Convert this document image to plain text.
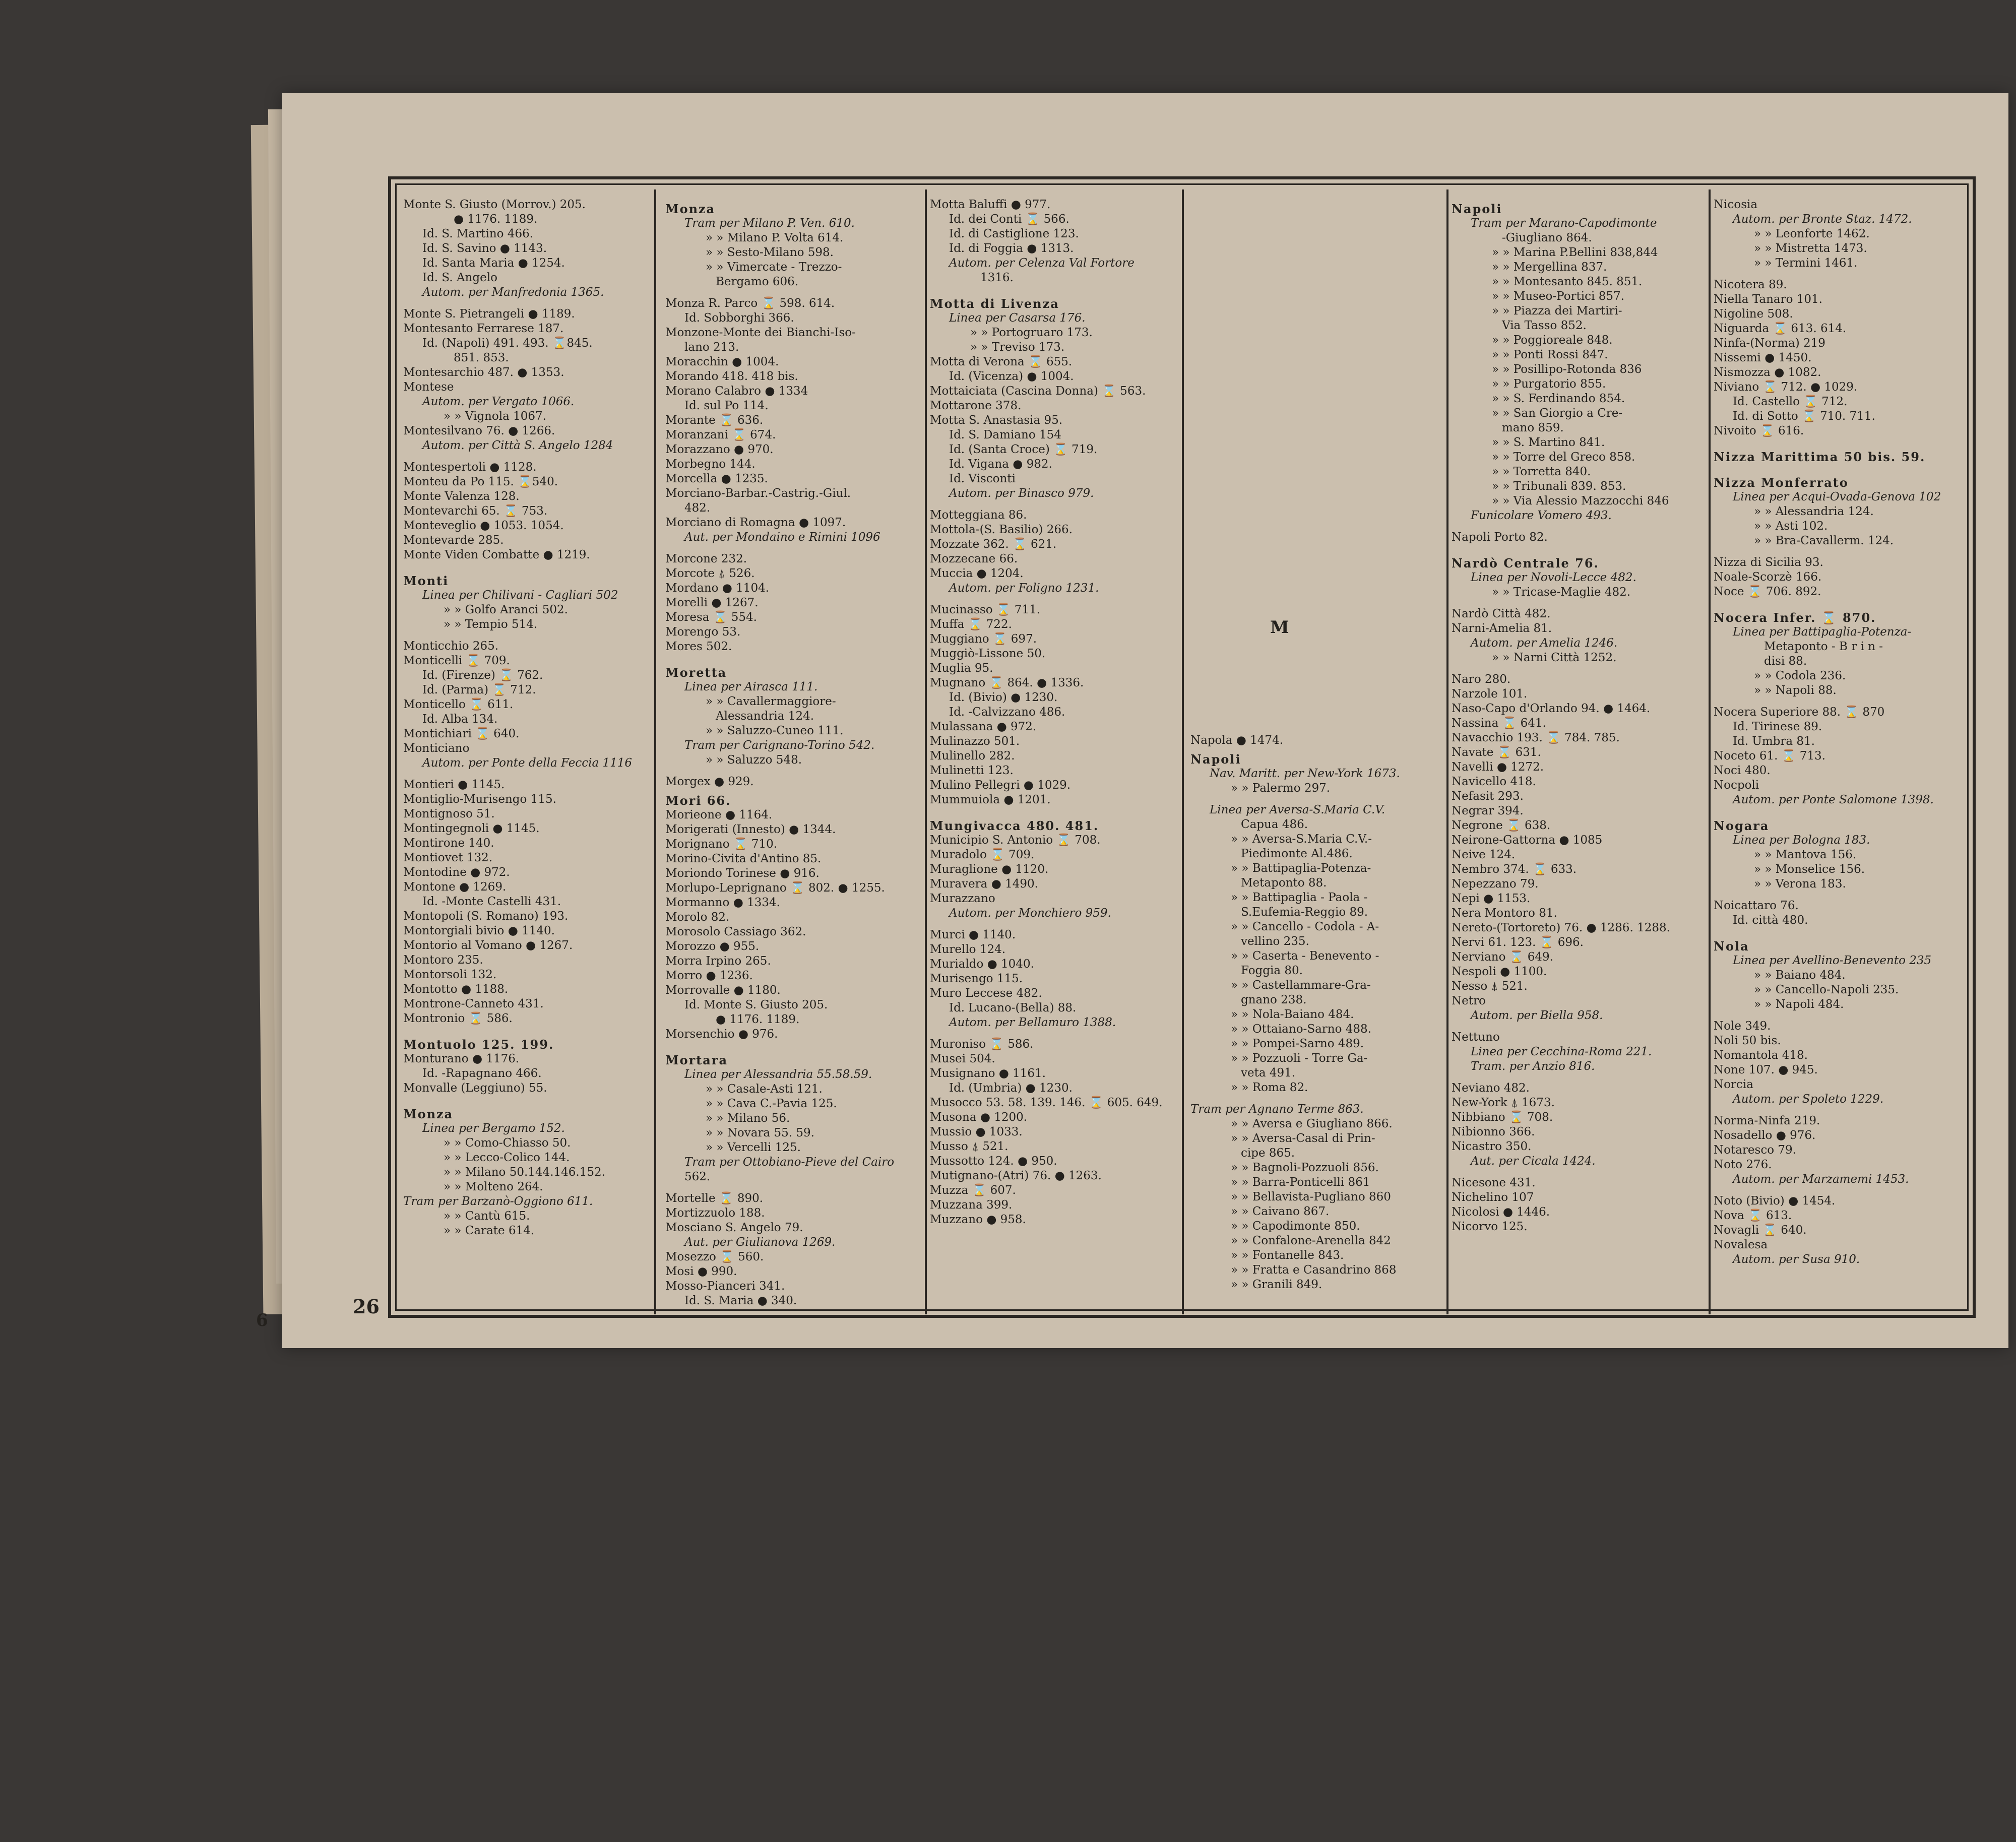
Monte S. Giusto (Morrov.) 205.
● 1176. 1189.
Id. S. Martino 466.
Id. S. Savino ● 1143.
Id. Santa Maria ● 1254.
Id. S. Angelo
Autom. per Manfredonia 1365.
Monte S. Pietrangeli ● 1189.
Montesanto Ferrarese 187.
Id. (Napoli) 491. 493. ⌛845.
851. 853.
Montesarchio 487. ● 1353.
Montese
Autom. per Vergato 1066.
» » Vignola 1067.
Montesilvano 76. ● 1266.
Autom. per Città S. Angelo 1284
Montespertoli ● 1128.
Monteu da Po 115. ⌛540.
Monte Valenza 128.
Montevarchi 65. ⌛ 753.
Monteveglio ● 1053. 1054.
Montevarde 285.
Monte Viden Combatte ● 1219.
Monti
Linea per Chilivani - Cagliari 502
» » Golfo Aranci 502.
» » Tempio 514.
Monticchio 265.
Monticelli ⌛ 709.
Id. (Firenze) ⌛ 762.
Id. (Parma) ⌛ 712.
Monticello ⌛ 611.
Id. Alba 134.
Montichiari ⌛ 640.
Monticiano
Autom. per Ponte della Feccia 1116
Montieri ● 1145.
Montiglio-Murisengo 115.
Montignoso 51.
Montingegnoli ● 1145.
Montirone 140.
Montiovet 132.
Montodine ● 972.
Montone ● 1269.
Id. -Monte Castelli 431.
Montopoli (S. Romano) 193.
Montorgiali bivio ● 1140.
Montorio al Vomano ● 1267.
Montoro 235.
Montorsoli 132.
Montotto ● 1188.
Montrone-Canneto 431.
Montronio ⌛ 586.
Montuolo 125. 199.
Monturano ● 1176.
Id. -Rapagnano 466.
Monvalle (Leggiuno) 55.
Monza
Linea per Bergamo 152.
» » Como-Chiasso 50.
» » Lecco-Colico 144.
» » Milano 50.144.146.152.
» » Molteno 264.
Tram per Barzanò-Oggiono 611.
» » Cantù 615.
» » Carate 614.
Monza
Tram per Milano P. Ven. 610.
» » Milano P. Volta 614.
» » Sesto-Milano 598.
» » Vimercate - Trezzo-
Bergamo 606.
Monza R. Parco ⌛ 598. 614.
Id. Sobborghi 366.
Monzone-Monte dei Bianchi-Iso-
lano 213.
Moracchin ● 1004.
Morando 418. 418 bis.
Morano Calabro ● 1334
Id. sul Po 114.
Morante ⌛ 636.
Moranzani ⌛ 674.
Morazzano ● 970.
Morbegno 144.
Morcella ● 1235.
Morciano-Barbar.-Castrig.-Giul.
482.
Morciano di Romagna ● 1097.
Aut. per Mondaino e Rimini 1096
Morcone 232.
Morcote ⍋ 526.
Mordano ● 1104.
Morelli ● 1267.
Moresa ⌛ 554.
Morengo 53.
Mores 502.
Moretta
Linea per Airasca 111.
» » Cavallermaggiore-
Alessandria 124.
» » Saluzzo-Cuneo 111.
Tram per Carignano-Torino 542.
» » Saluzzo 548.
Morgex ● 929.
Mori 66.
Morieone ● 1164.
Morigerati (Innesto) ● 1344.
Morignano ⌛ 710.
Morino-Civita d'Antino 85.
Moriondo Torinese ● 916.
Morlupo-Leprignano ⌛ 802. ● 1255.
Mormanno ● 1334.
Morolo 82.
Morosolo Cassiago 362.
Morozzo ● 955.
Morra Irpino 265.
Morro ● 1236.
Morrovalle ● 1180.
Id. Monte S. Giusto 205.
● 1176. 1189.
Morsenchio ● 976.
Mortara
Linea per Alessandria 55.58.59.
» » Casale-Asti 121.
» » Cava C.-Pavia 125.
» » Milano 56.
» » Novara 55. 59.
» » Vercelli 125.
Tram per Ottobiano-Pieve del Cairo
562.
Mortelle ⌛ 890.
Mortizzuolo 188.
Mosciano S. Angelo 79.
Aut. per Giulianova 1269.
Mosezzo ⌛ 560.
Mosi ● 990.
Mosso-Pianceri 341.
Id. S. Maria ● 340.
Motta Baluffi ● 977.
Id. dei Conti ⌛ 566.
Id. di Castiglione 123.
Id. di Foggia ● 1313.
Autom. per Celenza Val Fortore
1316.
Motta di Livenza
Linea per Casarsa 176.
» » Portogruaro 173.
» » Treviso 173.
Motta di Verona ⌛ 655.
Id. (Vicenza) ● 1004.
Mottaiciata (Cascina Donna) ⌛ 563.
Mottarone 378.
Motta S. Anastasia 95.
Id. S. Damiano 154
Id. (Santa Croce) ⌛ 719.
Id. Vigana ● 982.
Id. Visconti
Autom. per Binasco 979.
Motteggiana 86.
Mottola-(S. Basilio) 266.
Mozzate 362. ⌛ 621.
Mozzecane 66.
Muccia ● 1204.
Autom. per Foligno 1231.
Mucinasso ⌛ 711.
Muffa ⌛ 722.
Muggiano ⌛ 697.
Muggiò-Lissone 50.
Muglia 95.
Mugnano ⌛ 864. ● 1336.
Id. (Bivio) ● 1230.
Id. -Calvizzano 486.
Mulassana ● 972.
Mulinazzo 501.
Mulinello 282.
Mulinetti 123.
Mulino Pellegri ● 1029.
Mummuiola ● 1201.
Mungivacca 480. 481.
Municipio S. Antonio ⌛ 708.
Muradolo ⌛ 709.
Muraglione ● 1120.
Muravera ● 1490.
Murazzano
Autom. per Monchiero 959.
Murci ● 1140.
Murello 124.
Murialdo ● 1040.
Murisengo 115.
Muro Leccese 482.
Id. Lucano-(Bella) 88.
Autom. per Bellamuro 1388.
Muroniso ⌛ 586.
Musei 504.
Musignano ● 1161.
Id. (Umbria) ● 1230.
Musocco 53. 58. 139. 146. ⌛ 605. 649.
Musona ● 1200.
Mussio ● 1033.
Musso ⍋ 521.
Mussotto 124. ● 950.
Mutignano-(Atri) 76. ● 1263.
Muzza ⌛ 607.
Muzzana 399.
Muzzano ● 958.
Napola ● 1474.
Napoli
Nav. Maritt. per New-York 1673.
» » Palermo 297.
Linea per Aversa-S.Maria C.V.
Capua 486.
» » Aversa-S.Maria C.V.-
Piedimonte Al.486.
» » Battipaglia-Potenza-
Metaponto 88.
» » Battipaglia - Paola -
S.Eufemia-Reggio 89.
» » Cancello - Codola - A-
vellino 235.
» » Caserta - Benevento -
Foggia 80.
» » Castellammare-Gra-
gnano 238.
» » Nola-Baiano 484.
» » Ottaiano-Sarno 488.
» » Pompei-Sarno 489.
» » Pozzuoli - Torre Ga-
veta 491.
» » Roma 82.
Tram per Agnano Terme 863.
» » Aversa e Giugliano 866.
» » Aversa-Casal di Prin-
cipe 865.
» » Bagnoli-Pozzuoli 856.
» » Barra-Ponticelli 861
» » Bellavista-Pugliano 860
» » Caivano 867.
» » Capodimonte 850.
» » Confalone-Arenella 842
» » Fontanelle 843.
» » Fratta e Casandrino 868
» » Granili 849.
Napoli
Tram per Marano-Capodimonte
-Giugliano 864.
» » Marina P.Bellini 838,844
» » Mergellina 837.
» » Montesanto 845. 851.
» » Museo-Portici 857.
» » Piazza dei Martiri-
Via Tasso 852.
» » Poggioreale 848.
» » Ponti Rossi 847.
» » Posillipo-Rotonda 836
» » Purgatorio 855.
» » S. Ferdinando 854.
» » San Giorgio a Cre-
mano 859.
» » S. Martino 841.
» » Torre del Greco 858.
» » Torretta 840.
» » Tribunali 839. 853.
» » Via Alessio Mazzocchi 846
Funicolare Vomero 493.
Napoli Porto 82.
Nardò Centrale 76.
Linea per Novoli-Lecce 482.
» » Tricase-Maglie 482.
Nardò Città 482.
Narni-Amelia 81.
Autom. per Amelia 1246.
» » Narni Città 1252.
Naro 280.
Narzole 101.
Naso-Capo d'Orlando 94. ● 1464.
Nassina ⌛ 641.
Navacchio 193. ⌛ 784. 785.
Navate ⌛ 631.
Navelli ● 1272.
Navicello 418.
Nefasit 293.
Negrar 394.
Negrone ⌛ 638.
Neirone-Gattorna ● 1085
Neive 124.
Nembro 374. ⌛ 633.
Nepezzano 79.
Nepi ● 1153.
Nera Montoro 81.
Nereto-(Tortoreto) 76. ● 1286. 1288.
Nervi 61. 123. ⌛ 696.
Nerviano ⌛ 649.
Nespoli ● 1100.
Nesso ⍋ 521.
Netro
Autom. per Biella 958.
Nettuno
Linea per Cecchina-Roma 221.
Tram. per Anzio 816.
Neviano 482.
New-York ⍋ 1673.
Nibbiano ⌛ 708.
Nibionno 366.
Nicastro 350.
Aut. per Cicala 1424.
Nicesone 431.
Nichelino 107
Nicolosi ● 1446.
Nicorvo 125.
Nicosia
Autom. per Bronte Staz. 1472.
» » Leonforte 1462.
» » Mistretta 1473.
» » Termini 1461.
Nicotera 89.
Niella Tanaro 101.
Nigoline 508.
Niguarda ⌛ 613. 614.
Ninfa-(Norma) 219
Nissemi ● 1450.
Nismozza ● 1082.
Niviano ⌛ 712. ● 1029.
Id. Castello ⌛ 712.
Id. di Sotto ⌛ 710. 711.
Nivoito ⌛ 616.
Nizza Marittima 50 bis. 59.
Nizza Monferrato
Linea per Acqui-Ovada-Genova 102
» » Alessandria 124.
» » Asti 102.
» » Bra-Cavallerm. 124.
Nizza di Sicilia 93.
Noale-Scorzè 166.
Noce ⌛ 706. 892.
Nocera Infer. ⌛ 870.
Linea per Battipaglia-Potenza-
Metaponto - B r i n -
disi 88.
» » Codola 236.
» » Napoli 88.
Nocera Superiore 88. ⌛ 870
Id. Tirinese 89.
Id. Umbra 81.
Noceto 61. ⌛ 713.
Noci 480.
Nocpoli
Autom. per Ponte Salomone 1398.
Nogara
Linea per Bologna 183.
» » Mantova 156.
» » Monselice 156.
» » Verona 183.
Noicattaro 76.
Id. città 480.
Nola
Linea per Avellino-Benevento 235
» » Baiano 484.
» » Cancello-Napoli 235.
» » Napoli 484.
Nole 349.
Noli 50 bis.
Nomantola 418.
None 107. ● 945.
Norcia
Autom. per Spoleto 1229.
Norma-Ninfa 219.
Nosadello ● 976.
Notaresco 79.
Noto 276.
Autom. per Marzamemi 1453.
Noto (Bivio) ● 1454.
Nova ⌛ 613.
Novagli ⌛ 640.
Novalesa
Autom. per Susa 910.
M
26
6
